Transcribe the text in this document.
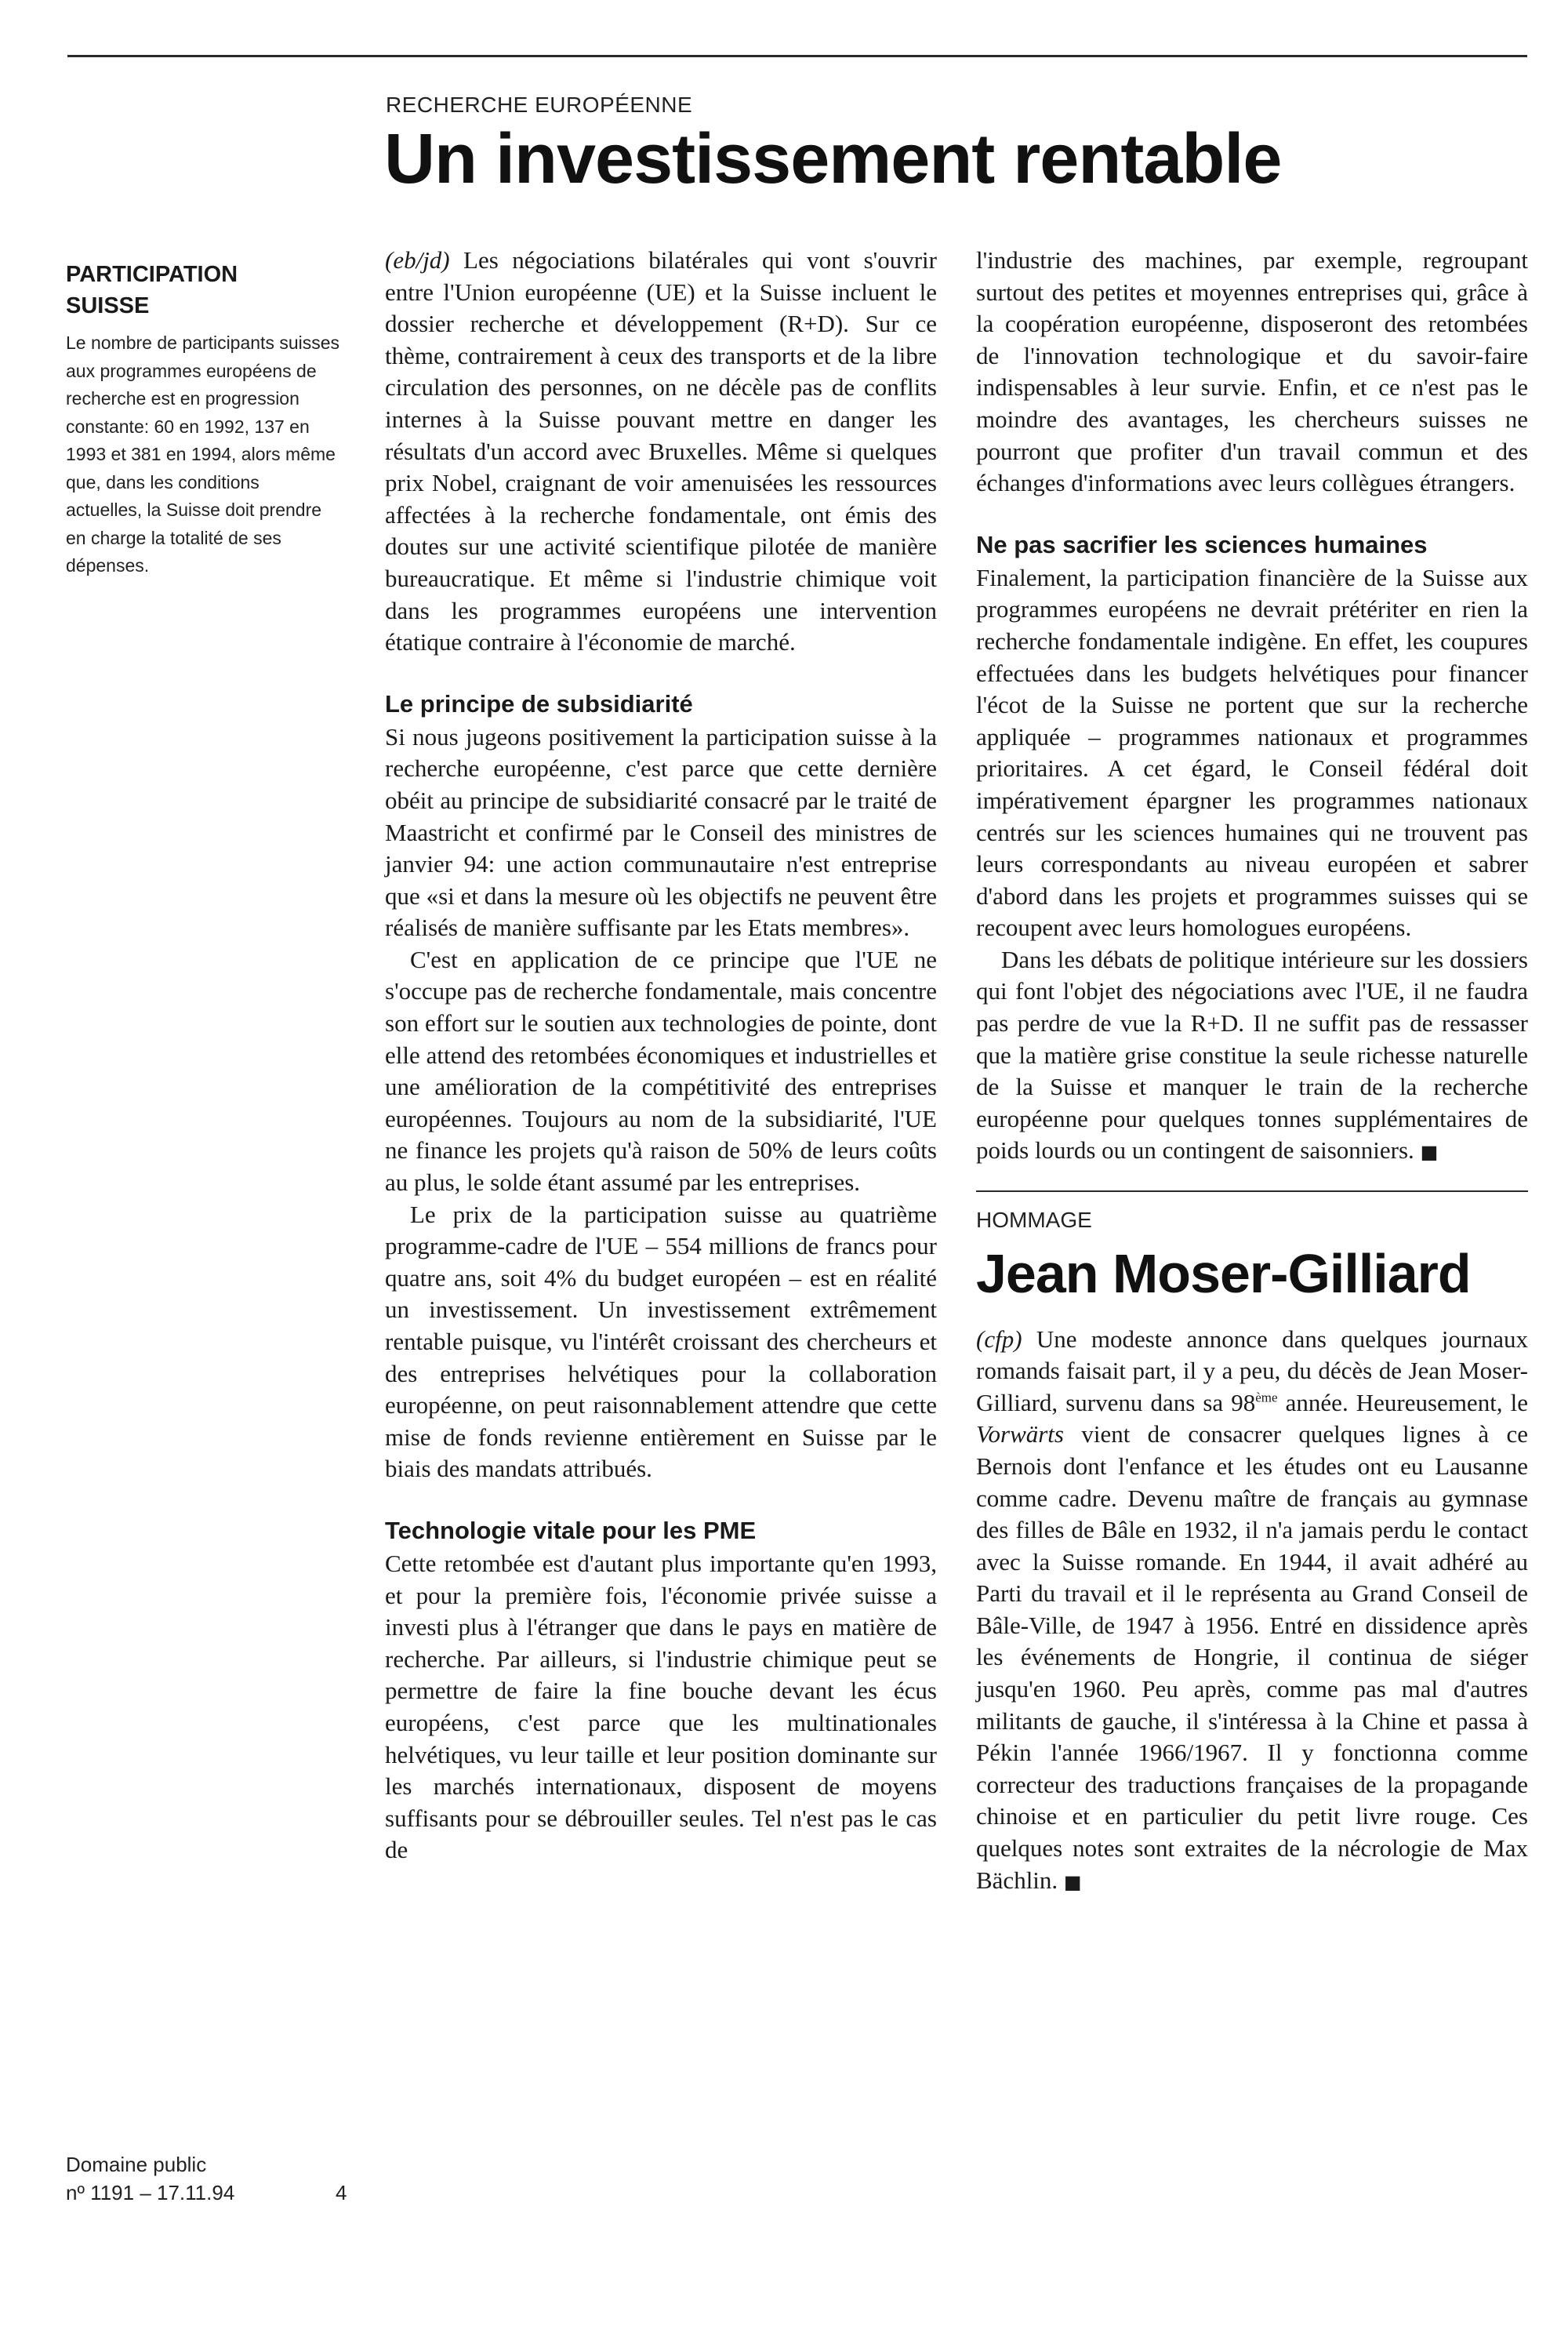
RECHERCHE EUROPÉENNE
Un investissement rentable
PARTICIPATION SUISSE

Le nombre de participants suisses aux programmes européens de recherche est en progression constante: 60 en 1992, 137 en 1993 et 381 en 1994, alors même que, dans les conditions actuelles, la Suisse doit prendre en charge la totalité de ses dépenses.

(eb/jd) Les négociations bilatérales qui vont s'ouvrir entre l'Union européenne (UE) et la Suisse incluent le dossier recherche et développement (R+D). Sur ce thème, contrairement à ceux des transports et de la libre circulation des personnes, on ne décèle pas de conflits internes à la Suisse pouvant mettre en danger les résultats d'un accord avec Bruxelles. Même si quelques prix Nobel, craignant de voir amenuisées les ressources affectées à la recherche fondamentale, ont émis des doutes sur une activité scientifique pilotée de manière bureaucratique. Et même si l'industrie chimique voit dans les programmes européens une intervention étatique contraire à l'économie de marché.

Le principe de subsidiarité

Si nous jugeons positivement la participation suisse à la recherche européenne, c'est parce que cette dernière obéit au principe de subsidiarité consacré par le traité de Maastricht et confirmé par le Conseil des ministres de janvier 94: une action communautaire n'est entreprise que «si et dans la mesure où les objectifs ne peuvent être réalisés de manière suffisante par les Etats membres».

C'est en application de ce principe que l'UE ne s'occupe pas de recherche fondamentale, mais concentre son effort sur le soutien aux technologies de pointe, dont elle attend des retombées économiques et industrielles et une amélioration de la compétitivité des entreprises européennes. Toujours au nom de la subsidiarité, l'UE ne finance les projets qu'à raison de 50% de leurs coûts au plus, le solde étant assumé par les entreprises.

Le prix de la participation suisse au quatrième programme-cadre de l'UE – 554 millions de francs pour quatre ans, soit 4% du budget européen – est en réalité un investissement. Un investissement extrêmement rentable puisque, vu l'intérêt croissant des chercheurs et des entreprises helvétiques pour la collaboration européenne, on peut raisonnablement attendre que cette mise de fonds revienne entièrement en Suisse par le biais des mandats attribués.

Technologie vitale pour les PME

Cette retombée est d'autant plus importante qu'en 1993, et pour la première fois, l'économie privée suisse a investi plus à l'étranger que dans le pays en matière de recherche. Par ailleurs, si l'industrie chimique peut se permettre de faire la fine bouche devant les écus européens, c'est parce que les multinationales helvétiques, vu leur taille et leur position dominante sur les marchés internationaux, disposent de moyens suffisants pour se débrouiller seules. Tel n'est pas le cas de

l'industrie des machines, par exemple, regroupant surtout des petites et moyennes entreprises qui, grâce à la coopération européenne, disposeront des retombées de l'innovation technologique et du savoir-faire indispensables à leur survie. Enfin, et ce n'est pas le moindre des avantages, les chercheurs suisses ne pourront que profiter d'un travail commun et des échanges d'informations avec leurs collègues étrangers.

Ne pas sacrifier les sciences humaines

Finalement, la participation financière de la Suisse aux programmes européens ne devrait prétériter en rien la recherche fondamentale indigène. En effet, les coupures effectuées dans les budgets helvétiques pour financer l'écot de la Suisse ne portent que sur la recherche appliquée – programmes nationaux et programmes prioritaires. A cet égard, le Conseil fédéral doit impérativement épargner les programmes nationaux centrés sur les sciences humaines qui ne trouvent pas leurs correspondants au niveau européen et sabrer d'abord dans les projets et programmes suisses qui se recoupent avec leurs homologues européens.

Dans les débats de politique intérieure sur les dossiers qui font l'objet des négociations avec l'UE, il ne faudra pas perdre de vue la R+D. Il ne suffit pas de ressasser que la matière grise constitue la seule richesse naturelle de la Suisse et manquer le train de la recherche européenne pour quelques tonnes supplémentaires de poids lourds ou un contingent de saisonniers. ■

HOMMAGE
Jean Moser-Gilliard

(cfp) Une modeste annonce dans quelques journaux romands faisait part, il y a peu, du décès de Jean Moser-Gilliard, survenu dans sa 98ème année. Heureusement, le Vorwärts vient de consacrer quelques lignes à ce Bernois dont l'enfance et les études ont eu Lausanne comme cadre. Devenu maître de français au gymnase des filles de Bâle en 1932, il n'a jamais perdu le contact avec la Suisse romande. En 1944, il avait adhéré au Parti du travail et il le représenta au Grand Conseil de Bâle-Ville, de 1947 à 1956. Entré en dissidence après les événements de Hongrie, il continua de siéger jusqu'en 1960. Peu après, comme pas mal d'autres militants de gauche, il s'intéressa à la Chine et passa à Pékin l'année 1966/1967. Il y fonctionna comme correcteur des traductions françaises de la propagande chinoise et en particulier du petit livre rouge. Ces quelques notes sont extraites de la nécrologie de Max Bächlin. ■

Domaine public
nº 1191 – 17.11.94	4
